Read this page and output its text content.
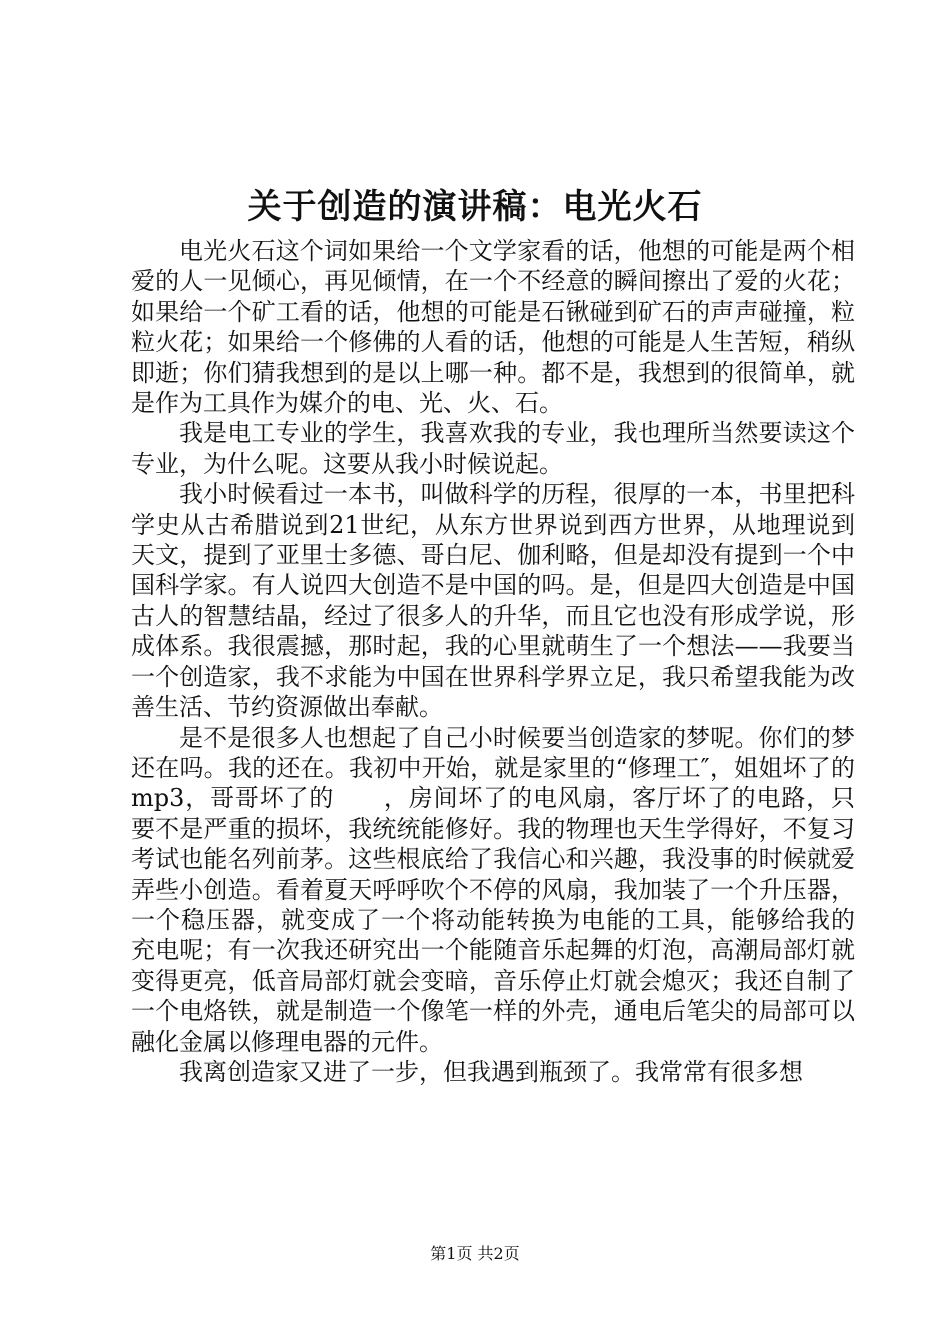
关于创造的演讲稿：电光火石

电光火石这个词如果给一个文学家看的话，他想的可能是两个相爱的人一见倾心，再见倾情，在一个不经意的瞬间擦出了爱的火花；如果给一个矿工看的话，他想的可能是石锹碰到矿石的声声碰撞，粒粒火花；如果给一个修佛的人看的话，他想的可能是人生苦短，稍纵即逝；你们猜我想到的是以上哪一种。都不是，我想到的很简单，就是作为工具作为媒介的电、光、火、石。

我是电工专业的学生，我喜欢我的专业，我也理所当然要读这个专业，为什么呢。这要从我小时候说起。

我小时候看过一本书，叫做科学的历程，很厚的一本，书里把科学史从古希腊说到21世纪，从东方世界说到西方世界，从地理说到天文，提到了亚里士多德、哥白尼、伽利略，但是却没有提到一个中国科学家。有人说四大创造不是中国的吗。是，但是四大创造是中国古人的智慧结晶，经过了很多人的升华，而且它也没有形成学说，形成体系。我很震撼，那时起，我的心里就萌生了一个想法——我要当一个创造家，我不求能为中国在世界科学界立足，我只希望我能为改善生活、节约资源做出奉献。

是不是很多人也想起了自己小时候要当创造家的梦呢。你们的梦还在吗。我的还在。我初中开始，就是家里的“修理工″，姐姐坏了的mp3，哥哥坏了的　　，房间坏了的电风扇，客厅坏了的电路，只要不是严重的损坏，我统统能修好。我的物理也天生学得好，不复习考试也能名列前茅。这些根底给了我信心和兴趣，我没事的时候就爱弄些小创造。看着夏天呼呼吹个不停的风扇，我加装了一个升压器，一个稳压器，就变成了一个将动能转换为电能的工具，能够给我的　　充电呢；有一次我还研究出一个能随音乐起舞的灯泡，高潮局部灯就变得更亮，低音局部灯就会变暗，音乐停止灯就会熄灭；我还自制了一个电烙铁，就是制造一个像笔一样的外壳，通电后笔尖的局部可以融化金属以修理电器的元件。

我离创造家又进了一步，但我遇到瓶颈了。我常常有很多想

第1页 共2页
